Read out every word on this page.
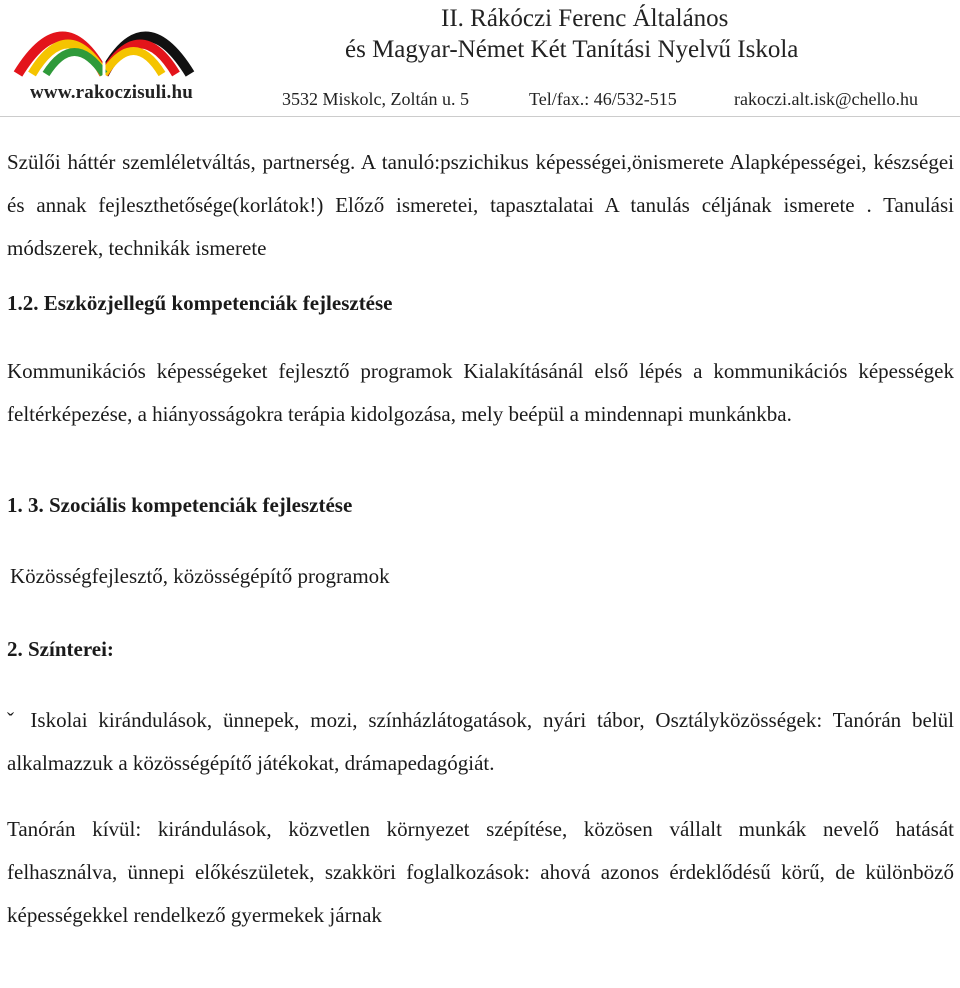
www.rakoczisuli.hu
II. Rákóczi Ferenc Általános
és Magyar-Német Két Tanítási Nyelvű Iskola
3532 Miskolc, Zoltán u. 5	Tel/fax.: 46/532-515	rakoczi.alt.isk@chello.hu

Szülői háttér szemléletváltás, partnerség. A tanuló:pszichikus képességei,önismerete Alapképességei, készségei és annak fejleszthetősége(korlátok!) Előző ismeretei, tapasztalatai A tanulás céljának ismerete . Tanulási módszerek, technikák ismerete

1.2. Eszközjellegű kompetenciák fejlesztése

Kommunikációs képességeket fejlesztő programok Kialakításánál első lépés a kommunikációs képességek feltérképezése, a hiányosságokra terápia kidolgozása, mely beépül a mindennapi munkánkba.

1. 3. Szociális kompetenciák fejlesztése

Közösségfejlesztő, közösségépítő programok

2. Színterei:

ˇ Iskolai kirándulások, ünnepek, mozi, színházlátogatások, nyári tábor, Osztályközösségek: Tanórán belül alkalmazzuk a közösségépítő játékokat, drámapedagógiát.

Tanórán kívül: kirándulások, közvetlen környezet szépítése, közösen vállalt munkák nevelő hatását felhasználva, ünnepi előkészületek, szakköri foglalkozások: ahová azonos érdeklődésű körű, de különböző képességekkel rendelkező gyermekek járnak
